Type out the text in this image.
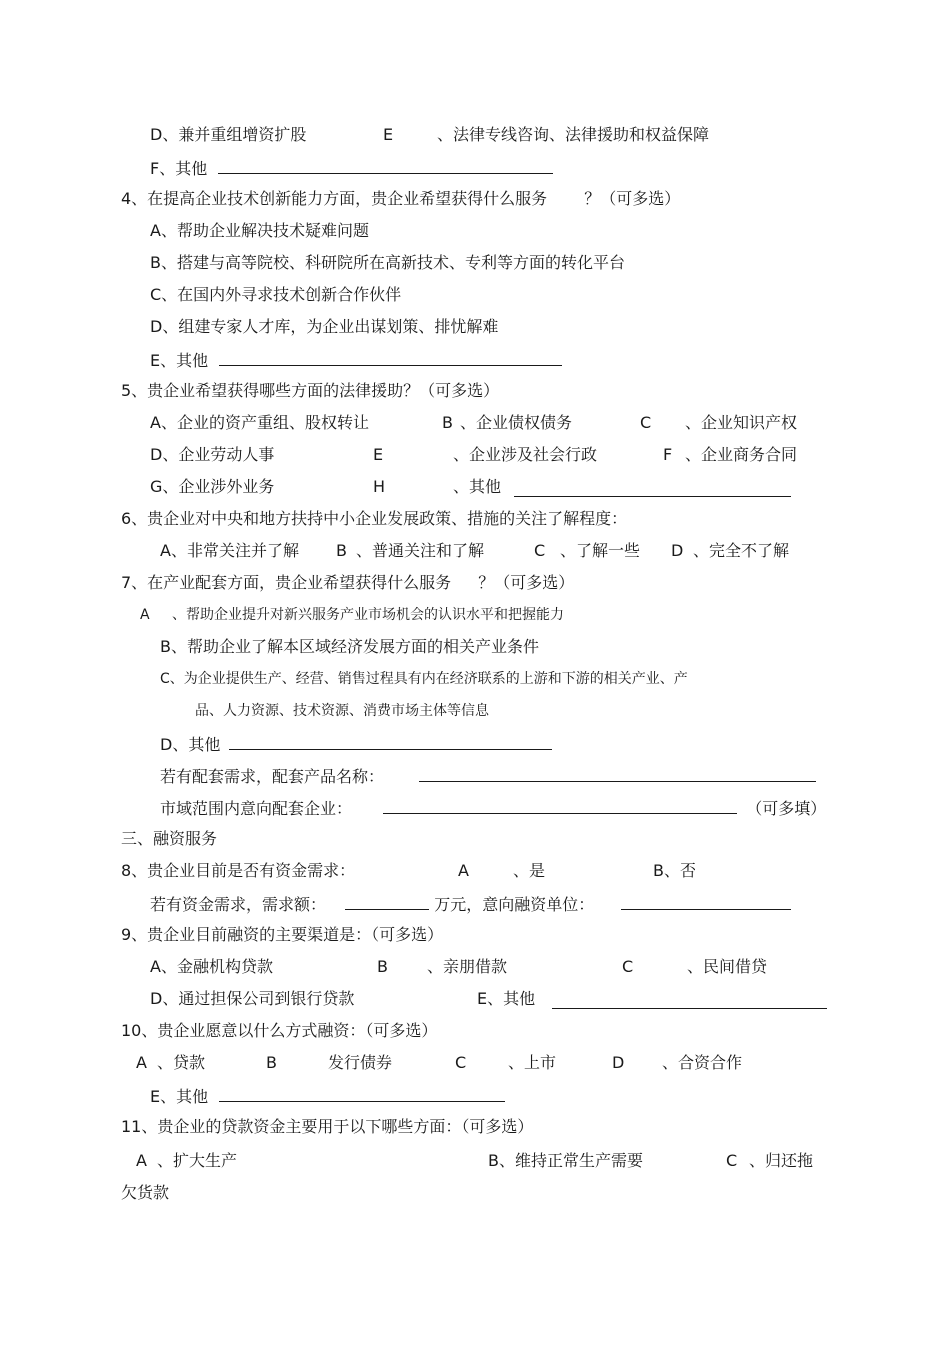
D、兼并重组增资扩股	E	、法律专线咨询、法律援助和权益保障
F、其他
4、在提高企业技术创新能力方面，贵企业希望获得什么服务 ？（可多选）
A、帮助企业解决技术疑难问题
B、搭建与高等院校、科研院所在高新技术、专利等方面的转化平台
C、在国内外寻求技术创新合作伙伴
D、组建专家人才库，为企业出谋划策、排忧解难
E、其他
5、贵企业希望获得哪些方面的法律援助？（可多选）
A、企业的资产重组、股权转让	B 、企业债权债务	C 、企业知识产权
D、企业劳动人事	E	、企业涉及社会行政	F 、企业商务合同
G、企业涉外业务	H	、其他
6、贵企业对中央和地方扶持中小企业发展政策、措施的关注了解程度：
A、非常关注并了解 B 、普通关注和了解	C 、了解一些 D 、完全不了解
7、在产业配套方面，贵企业希望获得什么服务 ？（可多选）
A 、帮助企业提升对新兴服务产业市场机会的认识水平和把握能力
B、帮助企业了解本区域经济发展方面的相关产业条件
C、为企业提供生产、经营、销售过程具有内在经济联系的上游和下游的相关产业、产
品、人力资源、技术资源、消费市场主体等信息
D、其他
若有配套需求，配套产品名称：
市域范围内意向配套企业：	（可多填）
三、融资服务
8、贵企业目前是否有资金需求：	A	、是	B、否
若有资金需求，需求额：	万元，意向融资单位：
9、贵企业目前融资的主要渠道是：（可多选）
A、金融机构贷款	B 、亲朋借款	C	、民间借贷
D、通过担保公司到银行贷款	E、其他
10、贵企业愿意以什么方式融资：（可多选）
A 、贷款	B	发行债券	C	、上市	D 、合资合作
E、其他
11、贵企业的贷款资金主要用于以下哪些方面：（可多选）
A 、扩大生产	B、维持正常生产需要	C 、归还拖
欠货款
